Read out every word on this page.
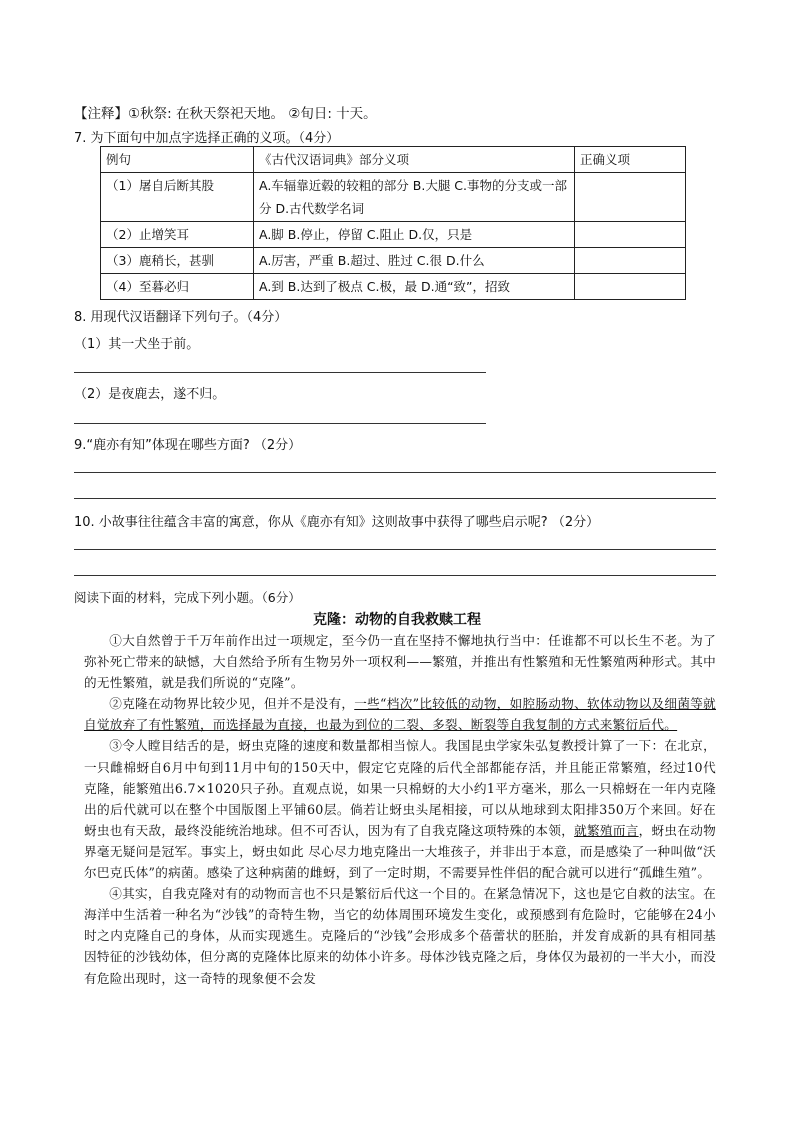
【注释】①秋祭: 在秋天祭祀天地。 ②旬日: 十天。
7. 为下面句中加点字选择正确的义项。（4分）
例句	《古代汉语词典》部分义项	正确义项
（1）屠自后断其股	A.车辐靠近毂的较粗的部分 B.大腿 C.事物的分支或一部分 D.古代数学名词	
（2）止增笑耳	A.脚 B.停止，停留 C.阻止 D.仅，只是	
（3）鹿稍长，甚驯	A.厉害，严重 B.超过、胜过 C.很 D.什么	
（4）至暮必归	A.到 B.达到了极点 C.极，最 D.通“致”，招致	
8. 用现代汉语翻译下列句子。（4分）
（1）其一犬坐于前。
（2）是夜鹿去，遂不归。
9.“鹿亦有知”体现在哪些方面? （2分）
10. 小故事往往蕴含丰富的寓意，你从《鹿亦有知》这则故事中获得了哪些启示呢? （2分）
阅读下面的材料，完成下列小题。（6分）
克隆：动物的自我救赎工程

①大自然曾于千万年前作出过一项规定，至今仍一直在坚持不懈地执行当中：任谁都不可以长生不老。为了弥补死亡带来的缺憾，大自然给予所有生物另外一项权利——繁殖，并推出有性繁殖和无性繁殖两种形式。其中的无性繁殖，就是我们所说的“克隆”。

②克隆在动物界比较少见，但并不是没有，一些“档次”比较低的动物，如腔肠动物、软体动物以及细菌等就自觉放弃了有性繁殖，而选择最为直接，也最为到位的二裂、多裂、断裂等自我复制的方式来繁衍后代。

③令人瞠目结舌的是，蚜虫克隆的速度和数量都相当惊人。我国昆虫学家朱弘复教授计算了一下：在北京，一只雌棉蚜自6月中旬到11月中旬的150天中，假定它克隆的后代全部都能存活，并且能正常繁殖，经过10代克隆，能繁殖出6.7×1020只子孙。直观点说，如果一只棉蚜的大小约1平方毫米，那么一只棉蚜在一年内克隆出的后代就可以在整个中国版图上平铺60层。倘若让蚜虫头尾相接，可以从地球到太阳排350万个来回。好在蚜虫也有天敌，最终没能统治地球。但不可否认，因为有了自我克隆这项特殊的本领，就繁殖而言，蚜虫在动物界毫无疑问是冠军。事实上，蚜虫如此 尽心尽力地克隆出一大堆孩子，并非出于本意，而是感染了一种叫做“沃尔巴克氏体”的病菌。感染了这种病菌的雌蚜，到了一定时期，不需要异性伴侣的配合就可以进行“孤雌生殖”。

④其实，自我克隆对有的动物而言也不只是繁衍后代这一个目的。在紧急情况下，这也是它自救的法宝。在海洋中生活着一种名为“沙钱”的奇特生物，当它的幼体周围环境发生变化，或预感到有危险时，它能够在24小时之内克隆自己的身体，从而实现逃生。克隆后的“沙钱”会形成多个蓓蕾状的胚胎，并发育成新的具有相同基因特征的沙钱幼体，但分离的克隆体比原来的幼体小许多。母体沙钱克隆之后，身体仅为最初的一半大小，而没有危险出现时，这一奇特的现象便不会发
